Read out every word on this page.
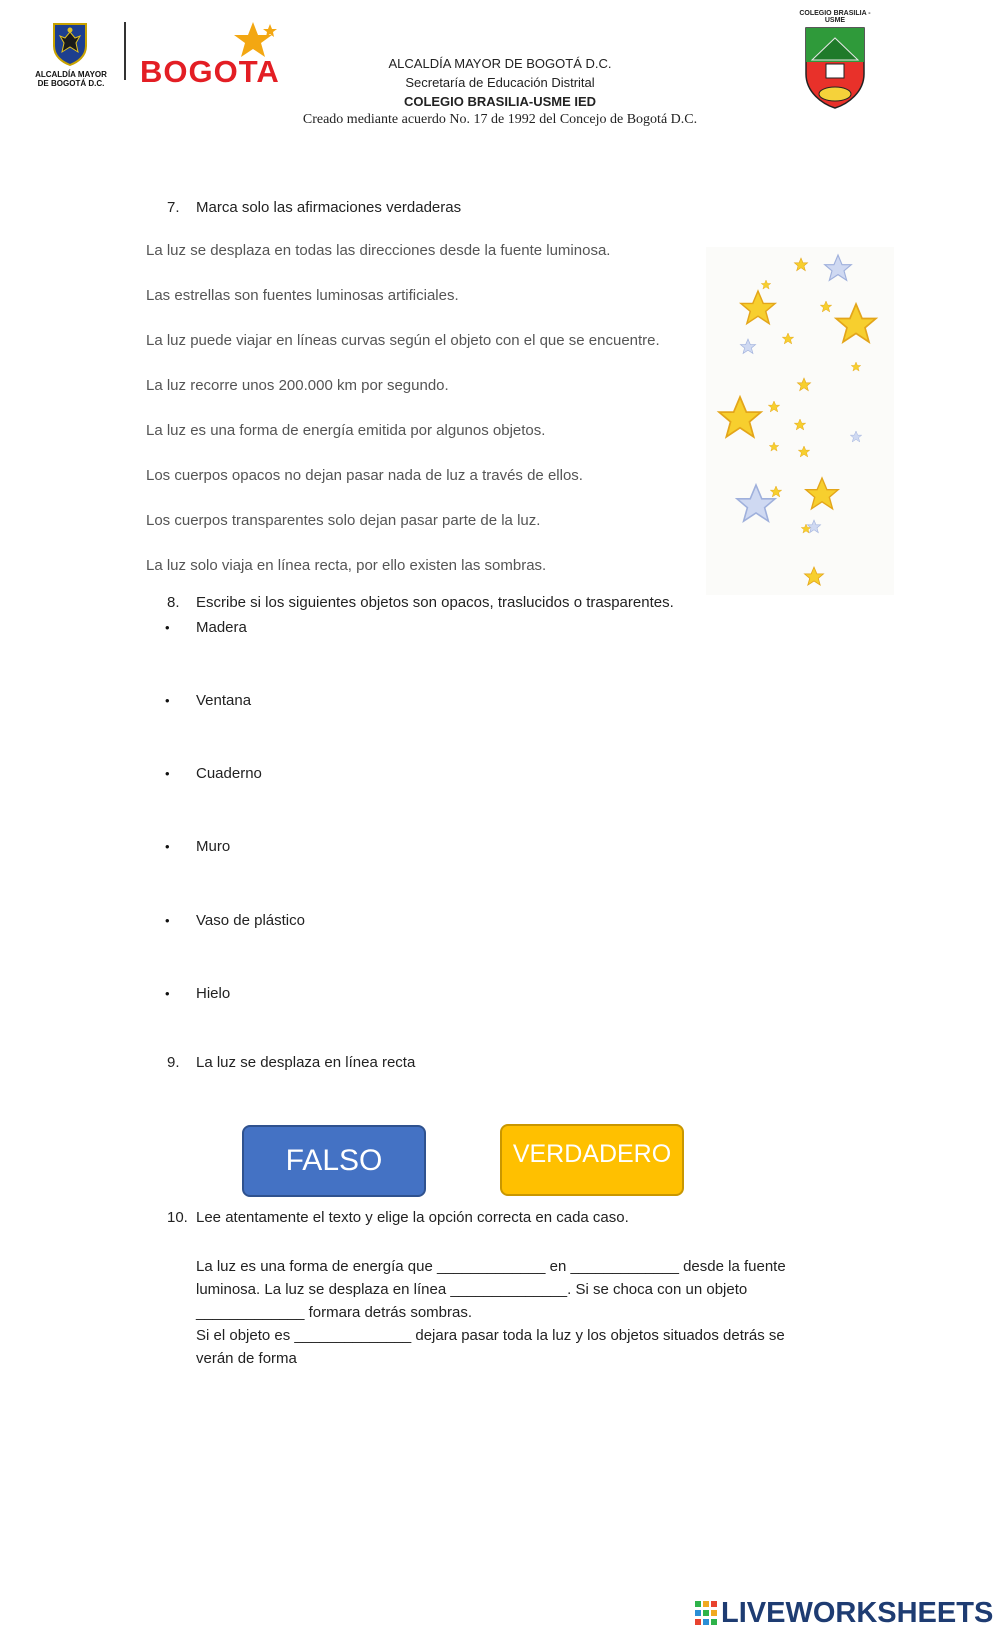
ALCALDÍA MAYOR DE BOGOTÁ D.C. BOGOTA	ALCALDÍA MAYOR DE BOGOTÁ D.C.
Secretaría de Educación Distrital
COLEGIO BRASILIA-USME IED
Creado mediante acuerdo No. 17 de 1992 del Concejo de Bogotá D.C.
COLEGIO BRASILIA - USME
7. Marca solo las afirmaciones verdaderas
La luz se desplaza en todas las direcciones desde la fuente luminosa.
Las estrellas son fuentes luminosas artificiales.
La luz puede viajar en líneas curvas según el objeto con el que se encuentre.
La luz recorre unos 200.000 km por segundo.
La luz es una forma de energía emitida por algunos objetos.
Los cuerpos opacos no dejan pasar nada de luz a través de ellos.
Los cuerpos transparentes solo dejan pasar parte de la luz.
La luz solo viaja en línea recta, por ello existen las sombras.
8. Escribe si los siguientes objetos son opacos, traslucidos o trasparentes.
• Madera
• Ventana
• Cuaderno
• Muro
• Vaso de plástico
• Hielo
9. La luz se desplaza en línea recta
FALSO	VERDADERO
10. Lee atentamente el texto y elige la opción correcta en cada caso.
La luz es una forma de energía que _____________ en _____________ desde la fuente
luminosa. La luz se desplaza en línea ______________. Si se choca con un objeto
_____________ formara detrás sombras.
Si el objeto es ______________ dejara pasar toda la luz y los objetos situados detrás se
verán de forma
LIVEWORKSHEETS
